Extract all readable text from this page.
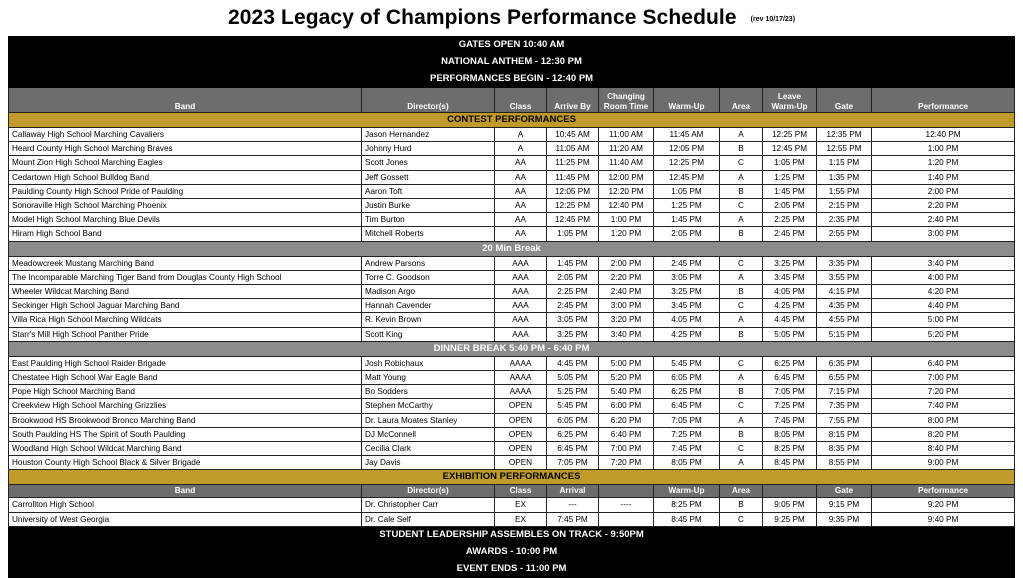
2023 Legacy of Champions Performance Schedule (rev 10/17/23)
GATES OPEN 10:40 AM									
NATIONAL ANTHEM - 12:30 PM									
PERFORMANCES BEGIN - 12:40 PM									
Band	Director(s)	Class	Arrive By	Changing Room Time	Warm-Up	Area	Leave Warm-Up	Gate	Performance
CONTEST PERFORMANCES									
Callaway High School Marching Cavaliers	Jason Hernandez	A	10:45 AM	11:00 AM	11:45 AM	A	12:25 PM	12:35 PM	12:40 PM
Heard County High School Marching Braves	Johnny Hurd	A	11:05 AM	11:20 AM	12:05 PM	B	12:45 PM	12:55 PM	1:00 PM
Mount Zion High School Marching Eagles	Scott Jones	AA	11:25 PM	11:40 AM	12:25 PM	C	1:05 PM	1:15 PM	1:20 PM
Cedartown High School Bulldog Band	Jeff Gossett	AA	11:45 PM	12:00 PM	12:45 PM	A	1:25 PM	1:35 PM	1:40 PM
Paulding County High School Pride of Paulding	Aaron Toft	AA	12:05 PM	12:20 PM	1:05 PM	B	1:45 PM	1:55 PM	2:00 PM
Sonoraville High School Marching Phoenix	Justin Burke	AA	12:25 PM	12:40 PM	1:25 PM	C	2:05 PM	2:15 PM	2:20 PM
Model High School Marching Blue Devils	Tim Burton	AA	12:45 PM	1:00 PM	1:45 PM	A	2:25 PM	2:35 PM	2:40 PM
Hiram High School Band	Mitchell Roberts	AA	1:05 PM	1:20 PM	2:05 PM	B	2:45 PM	2:55 PM	3:00 PM
20 Min Break									
Meadowcreek Mustang Marching Band	Andrew Parsons	AAA	1:45 PM	2:00 PM	2:45 PM	C	3:25 PM	3:35 PM	3:40 PM
The Incomparable Marching Tiger Band from Douglas County High School	Torre C. Goodson	AAA	2:05 PM	2:20 PM	3:05 PM	A	3:45 PM	3:55 PM	4:00 PM
Wheeler Wildcat Marching Band	Madison Argo	AAA	2:25 PM	2:40 PM	3:25 PM	B	4:05 PM	4:15 PM	4:20 PM
Seckinger High School Jaguar Marching Band	Hannah Cavender	AAA	2:45 PM	3:00 PM	3:45 PM	C	4:25 PM	4:35 PM	4:40 PM
Villa Rica High School Marching Wildcats	R. Kevin Brown	AAA	3:05 PM	3:20 PM	4:05 PM	A	4:45 PM	4:55 PM	5:00 PM
Starr's Mill High School Panther Pride	Scott King	AAA	3:25 PM	3:40 PM	4:25 PM	B	5:05 PM	5:15 PM	5:20 PM
DINNER BREAK 5:40 PM - 6:40 PM									
East Paulding High School Raider Brigade	Josh Robichaux	AAAA	4:45 PM	5:00 PM	5:45 PM	C	6:25 PM	6:35 PM	6:40 PM
Chestatee High School War Eagle Band	Matt Young	AAAA	5:05 PM	5:20 PM	6:05 PM	A	6:45 PM	6:55 PM	7:00 PM
Pope High School Marching Band	Bo Sodders	AAAA	5:25 PM	5:40 PM	6:25 PM	B	7:05 PM	7:15 PM	7:20 PM
Creekview High School Marching Grizzlies	Stephen McCarthy	OPEN	5:45 PM	6:00 PM	6:45 PM	C	7:25 PM	7:35 PM	7:40 PM
Brookwood HS Brookwood Bronco Marching Band	Dr. Laura Moates Stanley	OPEN	6:05 PM	6:20 PM	7:05 PM	A	7:45 PM	7:55 PM	8:00 PM
South Paulding HS The Spirit of South Paulding	DJ McConnell	OPEN	6:25 PM	6:40 PM	7:25 PM	B	8:05 PM	8:15 PM	8:20 PM
Woodland High School Wildcat Marching Band	Cecilia Clark	OPEN	6:45 PM	7:00 PM	7:45 PM	C	8:25 PM	8:35 PM	8:40 PM
Houston County High School Black & Silver Brigade	Jay Davis	OPEN	7:05 PM	7:20 PM	8:05 PM	A	8:45 PM	8:55 PM	9:00 PM
EXHIBITION PERFORMANCES									
Band	Director(s)	Class	Arrival		Warm-Up	Area		Gate	Performance
Carrollton High School	Dr. Christopher Carr	EX	---	----	8:25 PM	B	9:05 PM	9:15 PM	9:20 PM
University of West Georgia	Dr. Cale Self	EX	7:45 PM		8:45 PM	C	9:25 PM	9:35 PM	9:40 PM
STUDENT LEADERSHIP ASSEMBLES ON TRACK - 9:50PM									
AWARDS - 10:00 PM									
EVENT ENDS - 11:00 PM									
